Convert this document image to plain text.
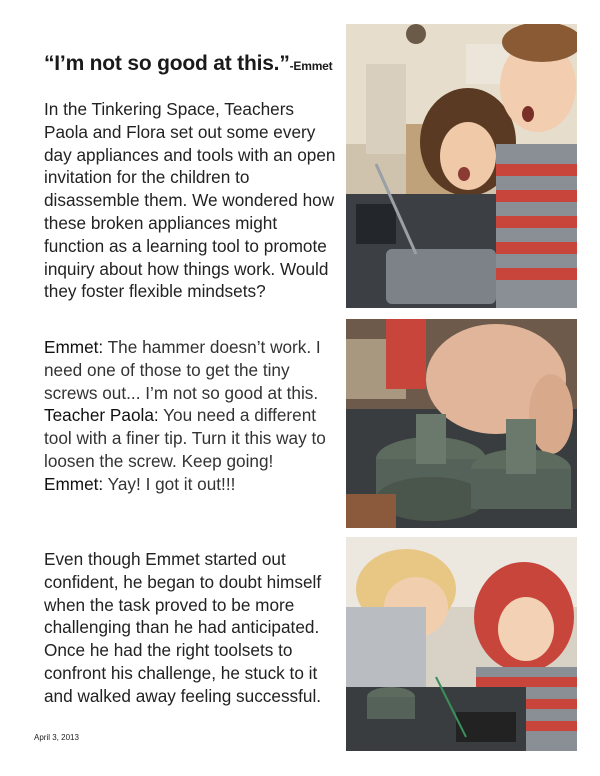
“I’m not so good at this.”-Emmet
In the Tinkering Space, Teachers Paola and Flora set out some every day appliances and tools with an open invitation for the children to disassemble them. We wondered how these broken appliances might function as a learning tool to promote inquiry about how things work. Would they foster flexible mindsets?

Emmet: The hammer doesn’t work. I need one of those to get the tiny screws out... I’m not so good at this.

Teacher Paola: You need a different tool with a finer tip. Turn it this way to loosen the screw. Keep going!

Emmet: Yay! I got it out!!!

Even though Emmet started out confident, he began to doubt himself when the task proved to be more challenging than he had anticipated. Once he had the right toolsets to confront his challenge, he stuck to it and walked away feeling successful.
April 3, 2013
